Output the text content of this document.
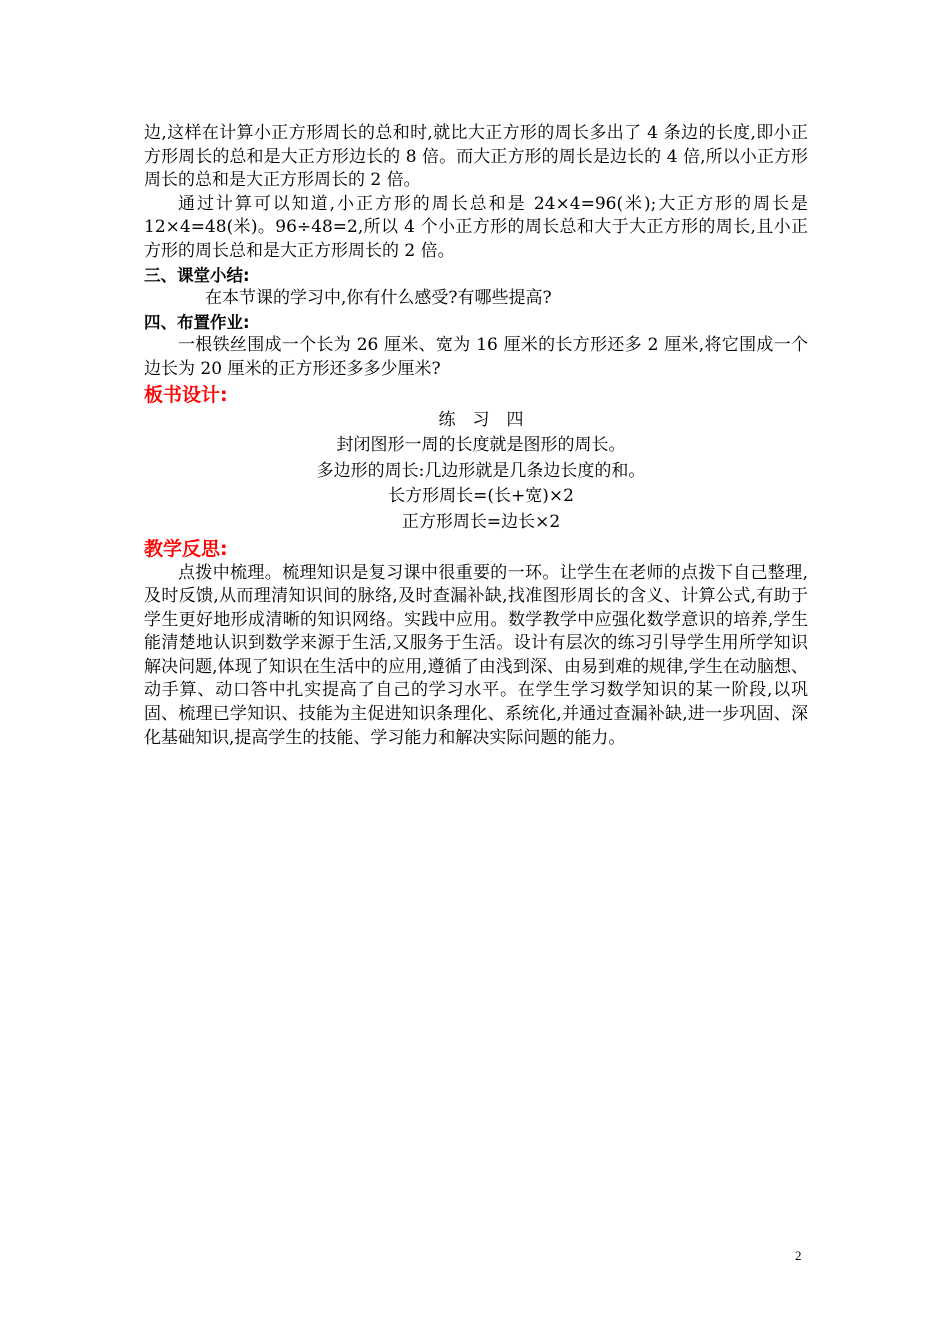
边,这样在计算小正方形周长的总和时,就比大正方形的周长多出了 4 条边的长度,即小正方形周长的总和是大正方形边长的 8 倍。而大正方形的周长是边长的 4 倍,所以小正方形周长的总和是大正方形周长的 2 倍。

通过计算可以知道,小正方形的周长总和是 24×4=96(米);大正方形的周长是 12×4=48(米)。96÷48=2,所以 4 个小正方形的周长总和大于大正方形的周长,且小正方形的周长总和是大正方形周长的 2 倍。

三、课堂小结:

在本节课的学习中,你有什么感受?有哪些提高?

四、布置作业:

一根铁丝围成一个长为 26 厘米、宽为 16 厘米的长方形还多 2 厘米,将它围成一个边长为 20 厘米的正方形还多多少厘米?

板书设计:

练　习　四

封闭图形一周的长度就是图形的周长。

多边形的周长:几边形就是几条边长度的和。

长方形周长=(长+宽)×2

正方形周长=边长×2

教学反思:

点拨中梳理。梳理知识是复习课中很重要的一环。让学生在老师的点拨下自己整理,及时反馈,从而理清知识间的脉络,及时查漏补缺,找准图形周长的含义、计算公式,有助于学生更好地形成清晰的知识网络。实践中应用。数学教学中应强化数学意识的培养,学生能清楚地认识到数学来源于生活,又服务于生活。设计有层次的练习引导学生用所学知识解决问题,体现了知识在生活中的应用,遵循了由浅到深、由易到难的规律,学生在动脑想、动手算、动口答中扎实提高了自己的学习水平。在学生学习数学知识的某一阶段,以巩固、梳理已学知识、技能为主促进知识条理化、系统化,并通过查漏补缺,进一步巩固、深化基础知识,提高学生的技能、学习能力和解决实际问题的能力。

2
